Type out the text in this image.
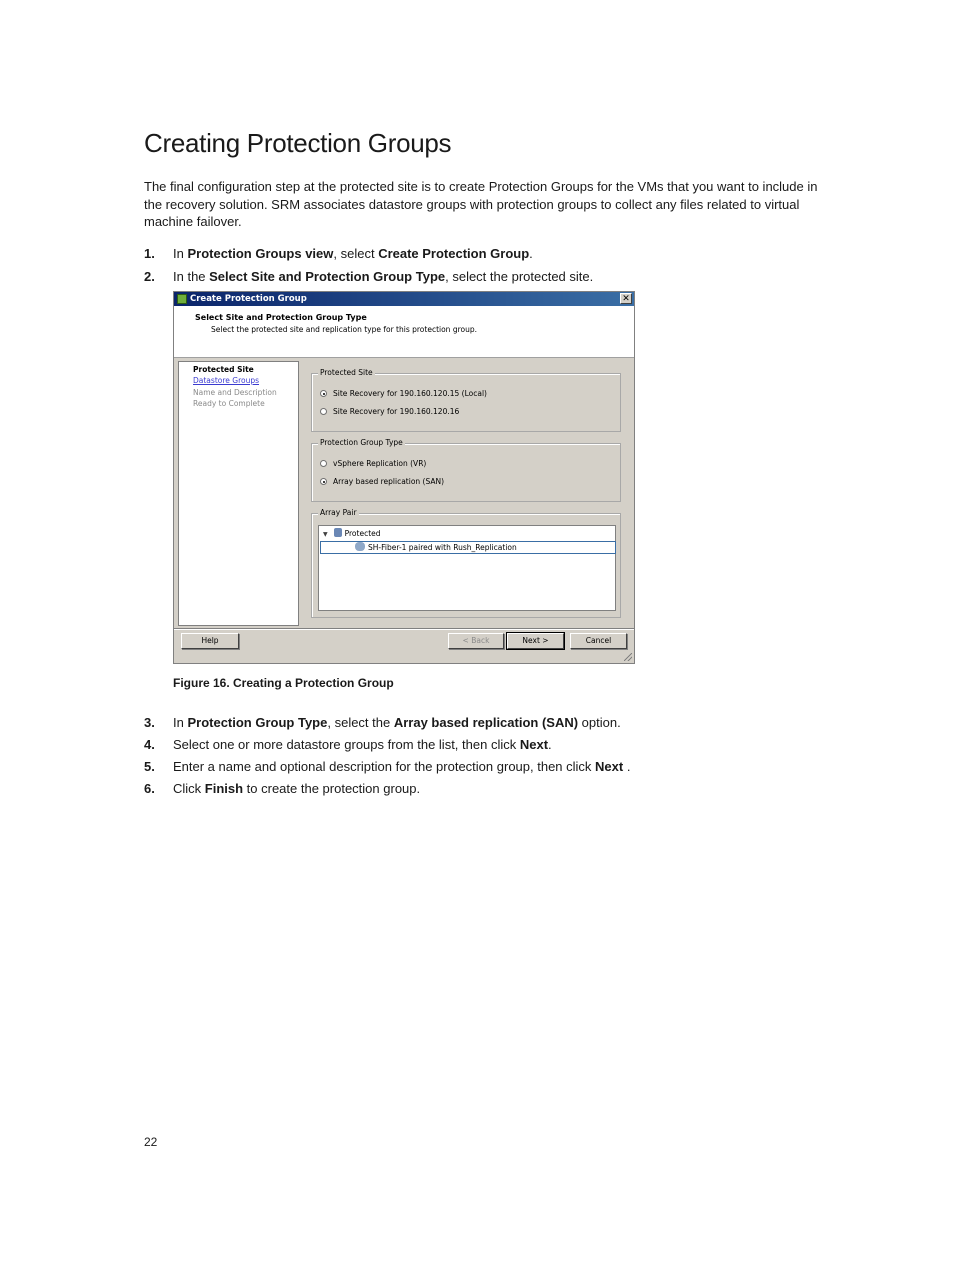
Creating Protection Groups

The final configuration step at the protected site is to create Protection Groups for the VMs that you want to include in the recovery solution. SRM associates datastore groups with protection groups to collect any files related to virtual machine failover.

1. In Protection Groups view, select Create Protection Group.
2. In the Select Site and Protection Group Type, select the protected site.
Create Protection Group	✕
Select Site and Protection Group Type
Select the protected site and replication type for this protection group.
Protected Site
Datastore Groups
Name and Description
Ready to Complete
Protected Site
Site Recovery for 190.160.120.15 (Local)
Site Recovery for 190.160.120.16
Protection Group Type
vSphere Replication (VR)
Array based replication (SAN)
Array Pair
▼ Protected
SH-Fiber-1 paired with Rush_Replication
Help	< Back	Next >	Cancel
Figure 16. Creating a Protection Group
3. In Protection Group Type, select the Array based replication (SAN) option.
4. Select one or more datastore groups from the list, then click Next.
5. Enter a name and optional description for the protection group, then click Next .
6. Click Finish to create the protection group.
22
